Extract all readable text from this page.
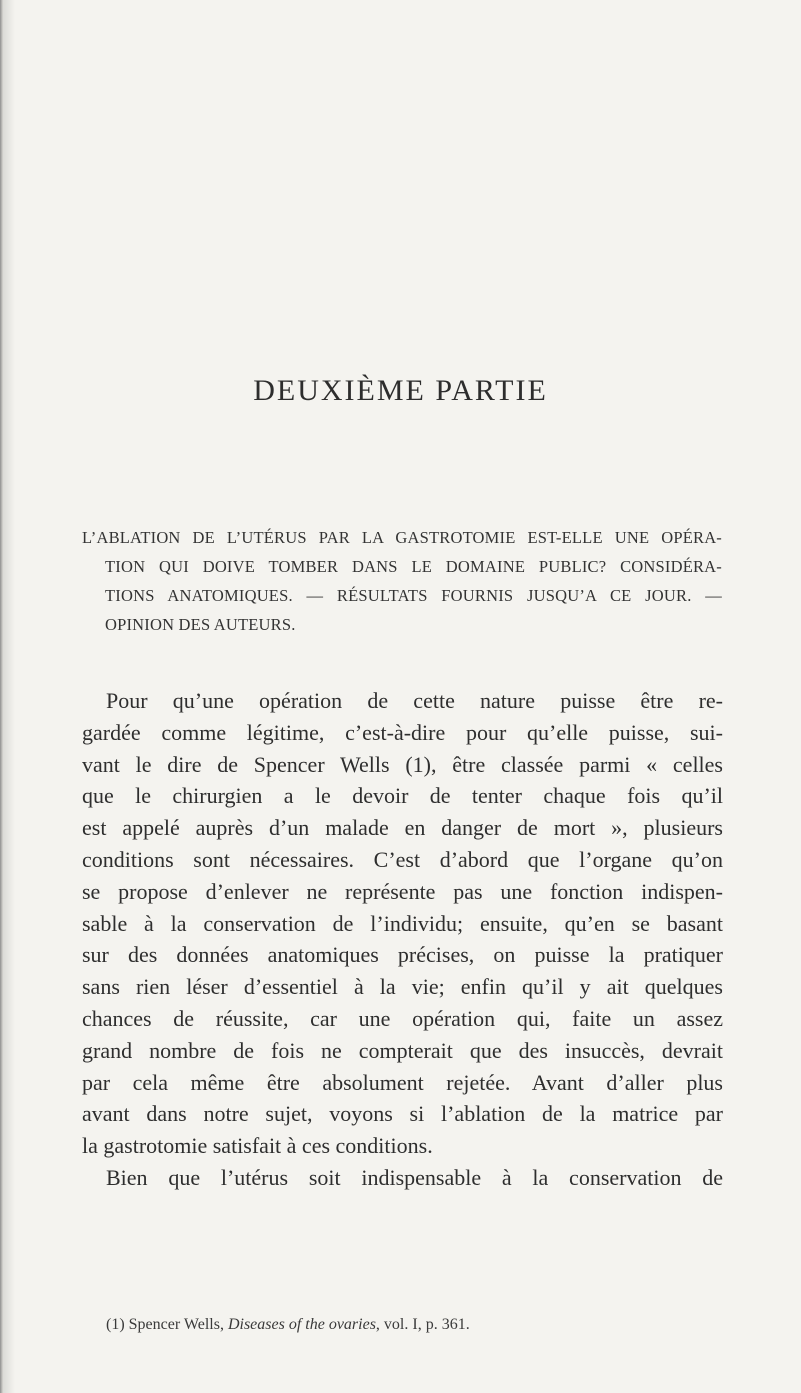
DEUXIÈME PARTIE
L’ABLATION DE L’UTÉRUS PAR LA GASTROTOMIE EST-ELLE UNE OPÉRA-
TION QUI DOIVE TOMBER DANS LE DOMAINE PUBLIC? CONSIDÉRA-
TIONS ANATOMIQUES. — RÉSULTATS FOURNIS JUSQU’A CE JOUR. —
OPINION DES AUTEURS.
Pour qu’une opération de cette nature puisse être re-
gardée comme légitime, c’est-à-dire pour qu’elle puisse, sui-
vant le dire de Spencer Wells (1), être classée parmi « celles
que le chirurgien a le devoir de tenter chaque fois qu’il
est appelé auprès d’un malade en danger de mort », plusieurs
conditions sont nécessaires. C’est d’abord que l’organe qu’on
se propose d’enlever ne représente pas une fonction indispen-
sable à la conservation de l’individu; ensuite, qu’en se basant
sur des données anatomiques précises, on puisse la pratiquer
sans rien léser d’essentiel à la vie; enfin qu’il y ait quelques
chances de réussite, car une opération qui, faite un assez
grand nombre de fois ne compterait que des insuccès, devrait
par cela même être absolument rejetée. Avant d’aller plus
avant dans notre sujet, voyons si l’ablation de la matrice par
la gastrotomie satisfait à ces conditions.
Bien que l’utérus soit indispensable à la conservation de
(1) Spencer Wells, Diseases of the ovaries, vol. I, p. 361.
